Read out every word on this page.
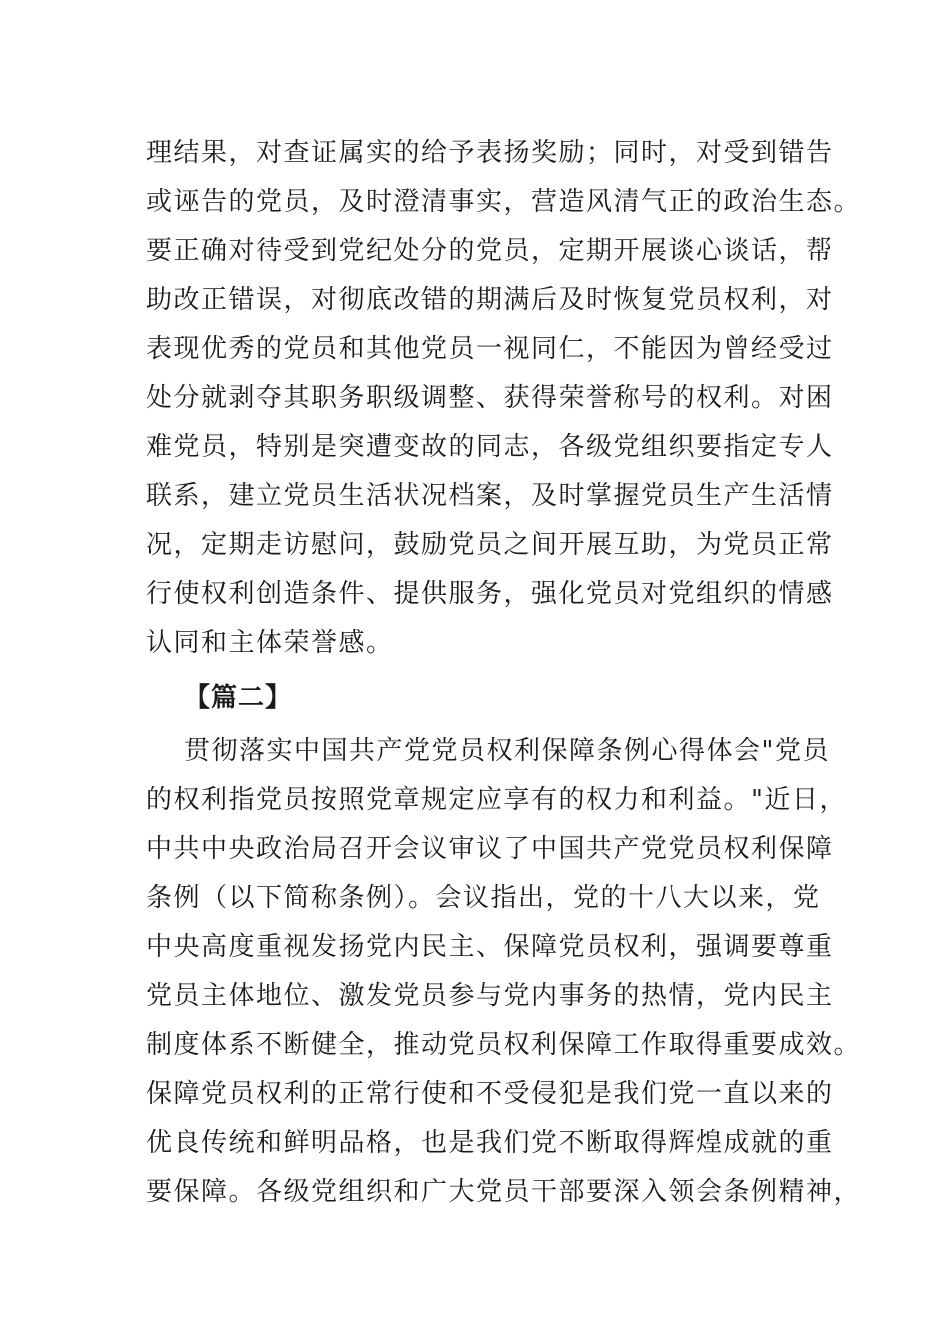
理结果，对查证属实的给予表扬奖励；同时，对受到错告
或诬告的党员，及时澄清事实，营造风清气正的政治生态。
要正确对待受到党纪处分的党员，定期开展谈心谈话，帮
助改正错误，对彻底改错的期满后及时恢复党员权利，对
表现优秀的党员和其他党员一视同仁，不能因为曾经受过
处分就剥夺其职务职级调整、获得荣誉称号的权利。对困
难党员，特别是突遭变故的同志，各级党组织要指定专人
联系，建立党员生活状况档案，及时掌握党员生产生活情
况，定期走访慰问，鼓励党员之间开展互助，为党员正常
行使权利创造条件、提供服务，强化党员对党组织的情感
认同和主体荣誉感。
【篇二】
贯彻落实中国共产党党员权利保障条例心得体会"党员
的权利指党员按照党章规定应享有的权力和利益。"近日，
中共中央政治局召开会议审议了中国共产党党员权利保障
条例（以下简称条例）。会议指出，党的十八大以来，党
中央高度重视发扬党内民主、保障党员权利，强调要尊重
党员主体地位、激发党员参与党内事务的热情，党内民主
制度体系不断健全，推动党员权利保障工作取得重要成效。
保障党员权利的正常行使和不受侵犯是我们党一直以来的
优良传统和鲜明品格，也是我们党不断取得辉煌成就的重
要保障。各级党组织和广大党员干部要深入领会条例精神，
